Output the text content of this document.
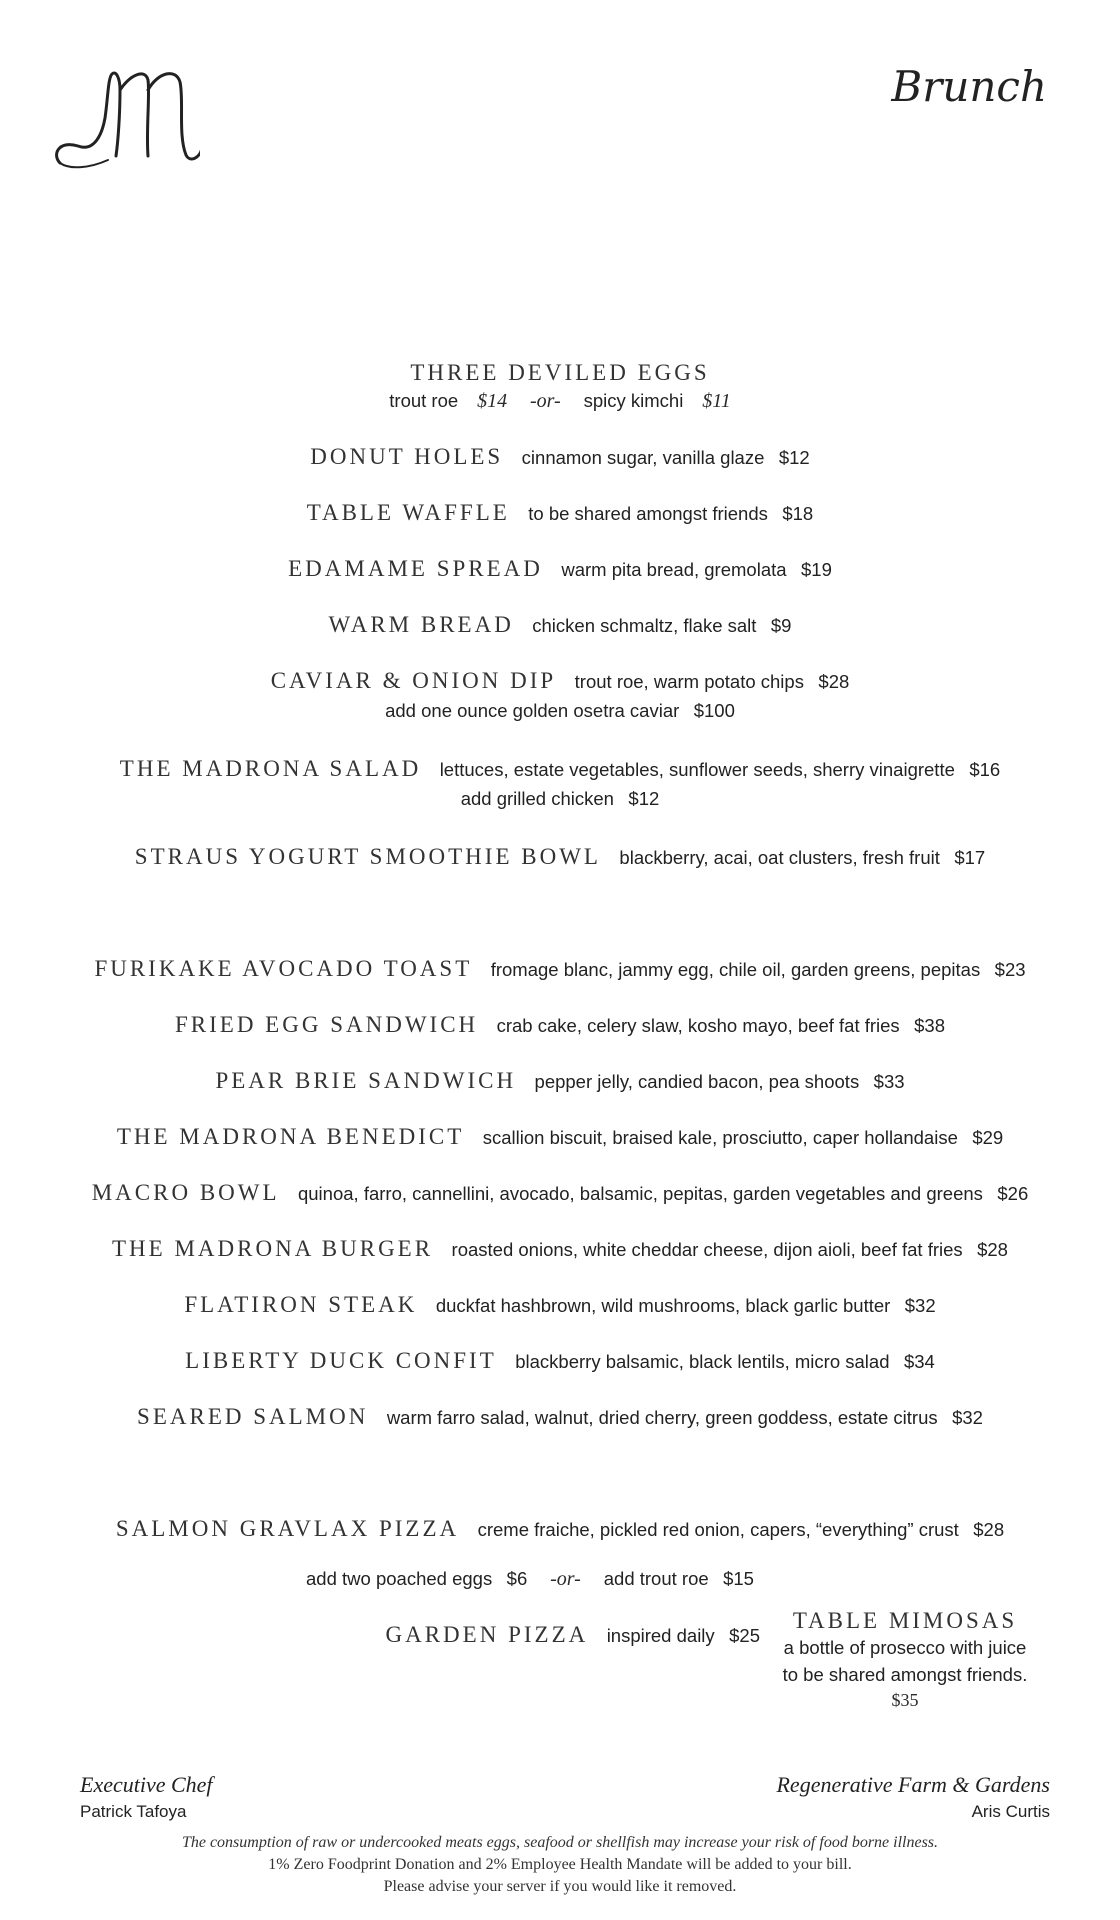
Brunch
THREE DEVILED EGGS
trout roe $14 -or- spicy kimchi $11
DONUT HOLES cinnamon sugar, vanilla glaze $12
TABLE WAFFLE to be shared amongst friends $18
EDAMAME SPREAD warm pita bread, gremolata $19
WARM BREAD chicken schmaltz, flake salt $9
CAVIAR & ONION DIP trout roe, warm potato chips $28
add one ounce golden osetra caviar $100
THE MADRONA SALAD lettuces, estate vegetables, sunflower seeds, sherry vinaigrette $16
add grilled chicken $12
STRAUS YOGURT SMOOTHIE BOWL blackberry, acai, oat clusters, fresh fruit $17
FURIKAKE AVOCADO TOAST fromage blanc, jammy egg, chile oil, garden greens, pepitas $23
FRIED EGG SANDWICH crab cake, celery slaw, kosho mayo, beef fat fries $38
PEAR BRIE SANDWICH pepper jelly, candied bacon, pea shoots $33
THE MADRONA BENEDICT scallion biscuit, braised kale, prosciutto, caper hollandaise $29
MACRO BOWL quinoa, farro, cannellini, avocado, balsamic, pepitas, garden vegetables and greens $26
THE MADRONA BURGER roasted onions, white cheddar cheese, dijon aioli, beef fat fries $28
FLATIRON STEAK duckfat hashbrown, wild mushrooms, black garlic butter $32
LIBERTY DUCK CONFIT blackberry balsamic, black lentils, micro salad $34
SEARED SALMON warm farro salad, walnut, dried cherry, green goddess, estate citrus $32
SALMON GRAVLAX PIZZA creme fraiche, pickled red onion, capers, “everything” crust $28
add two poached eggs $6 -or- add trout roe $15
GARDEN PIZZA inspired daily $25
TABLE MIMOSAS
a bottle of prosecco with juice
to be shared amongst friends.
$35
Executive Chef
Patrick Tafoya
Regenerative Farm & Gardens
Aris Curtis
The consumption of raw or undercooked meats eggs, seafood or shellfish may increase your risk of food borne illness.
1% Zero Foodprint Donation and 2% Employee Health Mandate will be added to your bill.
Please advise your server if you would like it removed.
